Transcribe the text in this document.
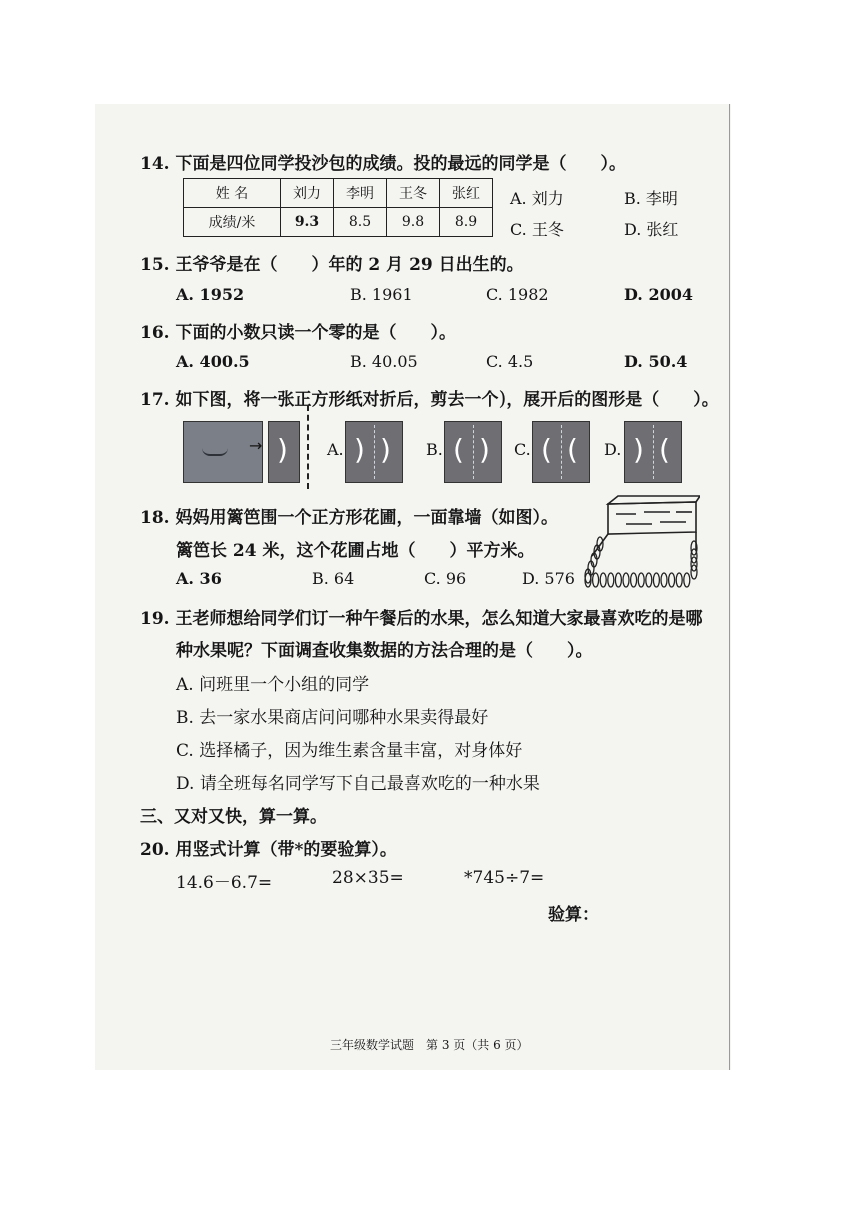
14. 下面是四位同学投沙包的成绩。投的最远的同学是（　　）。
姓 名	刘力	李明	王冬	张红
成绩/米	9.3	8.5	9.8	8.9
A. 刘力	B. 李明
C. 王冬	D. 张红
15. 王爷爷是在（　　）年的 2 月 29 日出生的。
A. 1952	B. 1961	C. 1982	D. 2004
16. 下面的小数只读一个零的是（　　）。
A. 400.5	B. 40.05	C. 4.5	D. 50.4
17. 如下图，将一张正方形纸对折后，剪去一个)，展开后的图形是（　　）。
→ ) A. ) ) B. ( ) C. ( ( D. ) (
18. 妈妈用篱笆围一个正方形花圃，一面靠墙（如图）。
篱笆长 24 米，这个花圃占地（　　）平方米。
A. 36	B. 64	C. 96	D. 576
19. 王老师想给同学们订一种午餐后的水果，怎么知道大家最喜欢吃的是哪
种水果呢？下面调查收集数据的方法合理的是（　　）。
A. 问班里一个小组的同学
B. 去一家水果商店问问哪种水果卖得最好
C. 选择橘子，因为维生素含量丰富，对身体好
D. 请全班每名同学写下自己最喜欢吃的一种水果
三、又对又快，算一算。
20. 用竖式计算（带*的要验算）。
14.6－6.7=	28×35=	*745÷7=
验算：
三年级数学试题　第 3 页（共 6 页）
